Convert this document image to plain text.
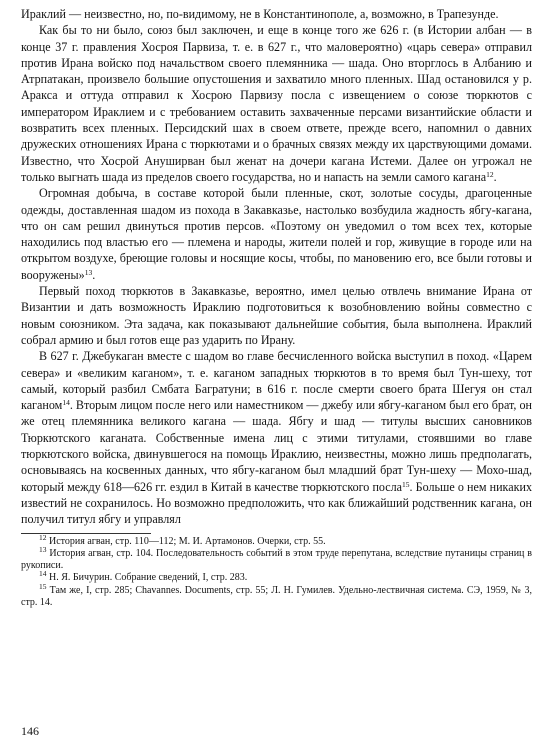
Ираклий — неизвестно, но, по-видимому, не в Константинополе, а, возможно, в Трапезунде.

Как бы то ни было, союз был заключен, и еще в конце того же 626 г. (в Истории албан — в конце 37 г. правления Хосроя Парвиза, т. е. в 627 г., что маловероятно) «царь севера» отправил против Ирана войско под начальством своего племянника — шада. Оно вторглось в Албанию и Атрпатакан, произвело большие опустошения и захватило много пленных. Шад остановился у р. Аракса и оттуда отправил к Хосрою Парвизу посла с извещением о союзе тюркютов с императором Ираклием и с требованием оставить захваченные персами византийские области и возвратить всех пленных. Персидский шах в своем ответе, прежде всего, напомнил о давних дружеских отношениях Ирана с тюркютами и о брачных связях между их царствующими домами. Известно, что Хосрой Ануширван был женат на дочери кагана Истеми. Далее он угрожал не только выгнать шада из пределов своего государства, но и напасть на земли самого кагана$^{12}$.

Огромная добыча, в составе которой были пленные, скот, золотые сосуды, драгоценные одежды, доставленная шадом из похода в Закавказье, настолько возбудила жадность ябгу-кагана, что он сам решил двинуться против персов. «Поэтому он уведомил о том всех тех, которые находились под властью его — племена и народы, жители полей и гор, живущие в городе или на открытом воздухе, бреющие головы и носящие косы, чтобы, по мановению его, все были готовы и вооружены»$^{13}$.

Первый поход тюркютов в Закавказье, вероятно, имел целью отвлечь внимание Ирана от Византии и дать возможность Ираклию подготовиться к возобновлению войны совместно с новым союзником. Эта задача, как показывают дальнейшие события, была выполнена. Ираклий собрал армию и был готов еще раз ударить по Ирану.

В 627 г. Джебукаган вместе с шадом во главе бесчисленного войска выступил в поход. «Царем севера» и «великим каганом», т. е. каганом западных тюркютов в то время был Тун-шеху, тот самый, который разбил Смбата Багратуни; в 616 г. после смерти своего брата Шегуя он стал каганом$^{14}$. Вторым лицом после него или наместником — джебу или ябгу-каганом был его брат, он же отец племянника великого кагана — шада. Ябгу и шад — титулы высших сановников Тюркютского каганата. Собственные имена лиц с этими титулами, стоявшими во главе тюркютского войска, двинувшегося на помощь Ираклию, неизвестны, можно лишь предполагать, основываясь на косвенных данных, что ябгу-каганом был младший брат Тун-шеху — Мохо-шад, который между 618—626 гг. ездил в Китай в качестве тюркютского посла$^{15}$. Больше о нем никаких известий не сохранилось. Но возможно предположить, что как ближайший родственник кагана, он получил титул ябгу и управлял

$^{12}$ История агван, стр. 110—112; М. И. Артамонов. Очерки, стр. 55.

$^{13}$ История агван, стр. 104. Последовательность событий в этом труде перепутана, вследствие путаницы страниц в рукописи.

$^{14}$ Н. Я. Бичурин. Собрание сведений, I, стр. 283.

$^{15}$ Там же, I, стр. 285; Chavannes. Documents, стр. 55; Л. Н. Гумилев. Удельно-лествичная система. СЭ, 1959, № 3, стр. 14.

146
